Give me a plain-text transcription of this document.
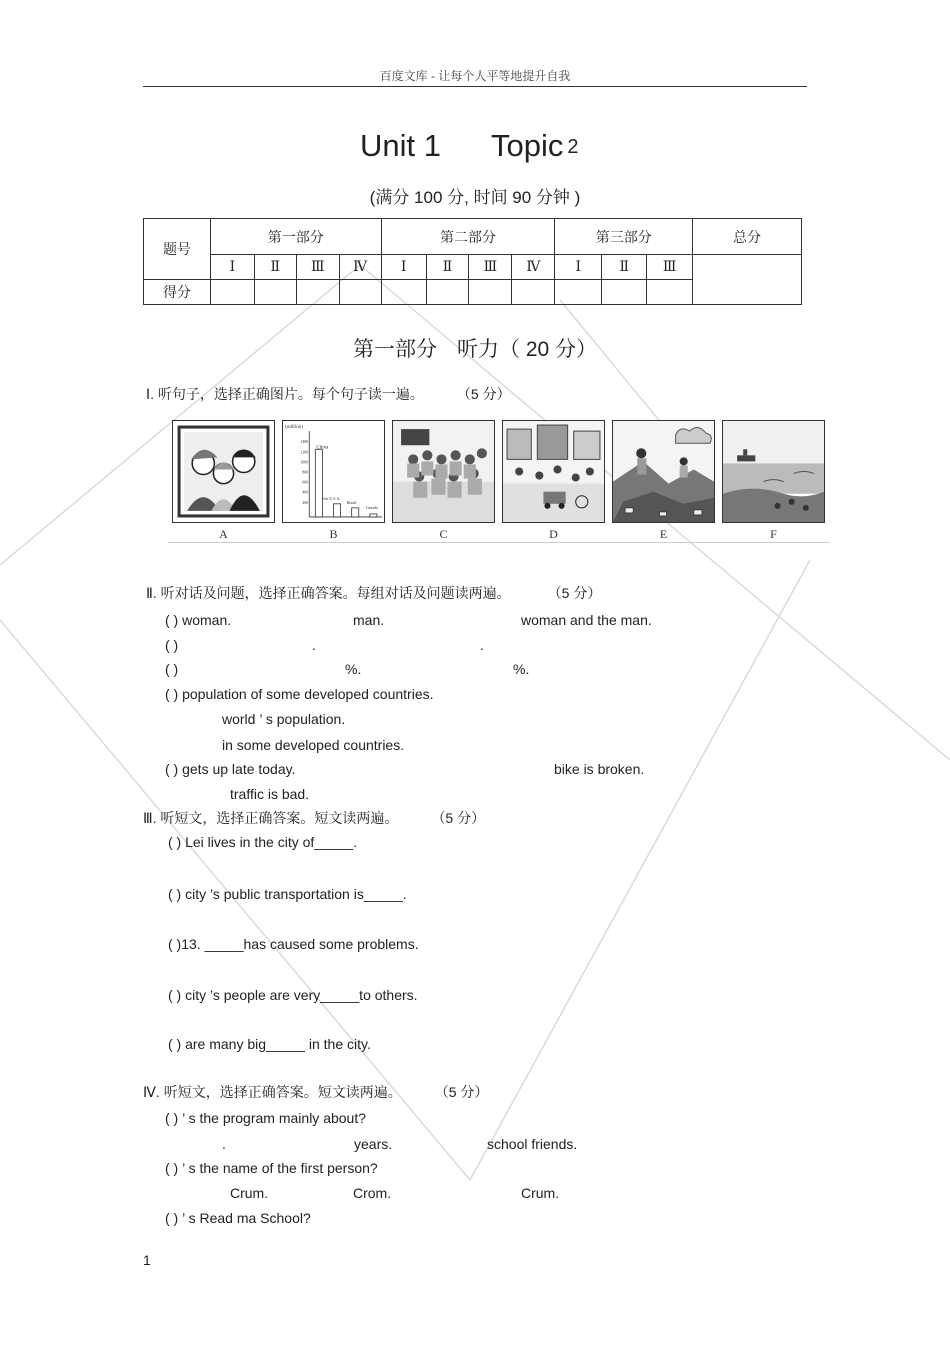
百度文库 - 让每个人平等地提升自我
Unit 1 Topic $^2$
(满分 100 分, 时间 90 分钟 )
题号	第一部分				第二部分				第三部分			总分
	Ⅰ	Ⅱ	Ⅲ	Ⅳ	Ⅰ	Ⅱ	Ⅲ	Ⅳ	Ⅰ	Ⅱ	Ⅲ	
得分												
第一部分 听力（ 20 分）
Ⅰ. 听句子，选择正确图片。每个句子读一遍。	（5 分）
A
(million)
1400
1200
1000
800
600
400
200
China
the U.S.A.
Brazil
Canada
B	C	D	E	F
Ⅱ. 听对话及问题，选择正确答案。每组对话及问题读两遍。	（5 分）
( ) woman.	man.	woman and the man.
( )	.	.
( )	%.	%.
( ) population of some developed countries.
world ’ s population.
in some developed countries.
( ) gets up late today.	bike is broken.
traffic is bad.
Ⅲ. 听短文，选择正确答案。短文读两遍。	（5 分）
( ) Lei lives in the city of_____.
( ) city ’s public transportation is_____.
( )13. _____has caused some problems.
( ) city ’s people are very_____to others.
( ) are many big_____ in the city.
Ⅳ. 听短文，选择正确答案。短文读两遍。	（5 分）
( ) ’ s the program mainly about?
.	years.	school friends.
( ) ’ s the name of the first person?
Crum.	Crom.	Crum.
( ) ’ s Read ma School?
1
